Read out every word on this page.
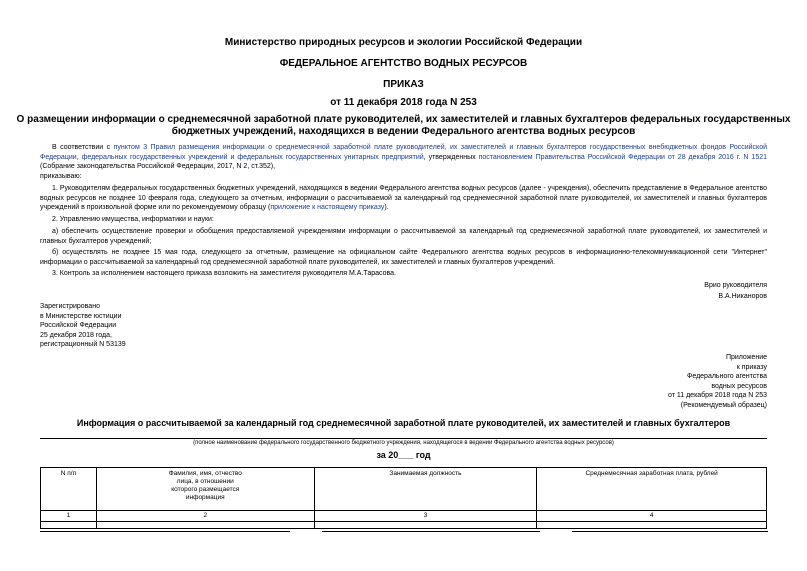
Министерство природных ресурсов и экологии Российской Федерации
ФЕДЕРАЛЬНОЕ АГЕНТСТВО ВОДНЫХ РЕСУРСОВ
ПРИКАЗ
от 11 декабря 2018 года N 253
О размещении информации о среднемесячной заработной плате руководителей, их заместителей и главных бухгалтеров федеральных государственных
бюджетных учреждений, находящихся в ведении Федерального агентства водных ресурсов
В соответствии с пунктом 3 Правил размещения информации о среднемесячной заработной плате руководителей, их заместителей и главных бухгалтеров государственных внебюджетных фондов Российской Федерации, федеральных государственных учреждений и федеральных государственных унитарных предприятий, утвержденных постановлением Правительства Российской Федерации от 28 декабря 2016 г. N 1521 (Собрание законодательства Российской Федерации, 2017, N 2, ст.352),
приказываю:
1. Руководителям федеральных государственных бюджетных учреждений, находящихся в ведении Федерального агентства водных ресурсов (далее - учреждения), обеспечить представление в Федеральное агентство водных ресурсов не позднее 10 февраля года, следующего за отчетным, информации о рассчитываемой за календарный год среднемесячной заработной плате руководителей, их заместителей и главных бухгалтеров учреждений в произвольной форме или по рекомендуемому образцу (приложение к настоящему приказу).
2. Управлению имущества, информатики и науки:
а) обеспечить осуществление проверки и обобщения предоставляемой учреждениями информации о рассчитываемой за календарный год среднемесячной заработной плате руководителей, их заместителей и главных бухгалтеров учреждений;
б) осуществлять не позднее 15 мая года, следующего за отчетным, размещение на официальном сайте Федерального агентства водных ресурсов в информационно-телекоммуникационной сети "Интернет" информации о рассчитываемой за календарный год среднемесячной заработной плате руководителей, их заместителей и главных бухгалтеров учреждений.
3. Контроль за исполнением настоящего приказа возложить на заместителя руководителя М.А.Тарасова.
Врио руководителя
В.А.Никаноров
Зарегистрировано
в Министерстве юстиции
Российской Федерации
25 декабря 2018 года,
регистрационный N 53139
Приложение
к приказу
Федерального агентства
водных ресурсов
от 11 декабря 2018 года N 253
(Рекомендуемый образец)
Информация о рассчитываемой за календарный год среднемесячной заработной плате руководителей, их заместителей и главных бухгалтеров
(полное наименование федерального государственного бюджетного учреждения, находящегося в ведении Федерального агентства водных ресурсов)
за 20___ год
N п/п	Фамилия, имя, отчество лица, в отношении которого размещается информация	Занимаемая должность	Среднемесячная заработная плата, рублей
1	2	3	4
